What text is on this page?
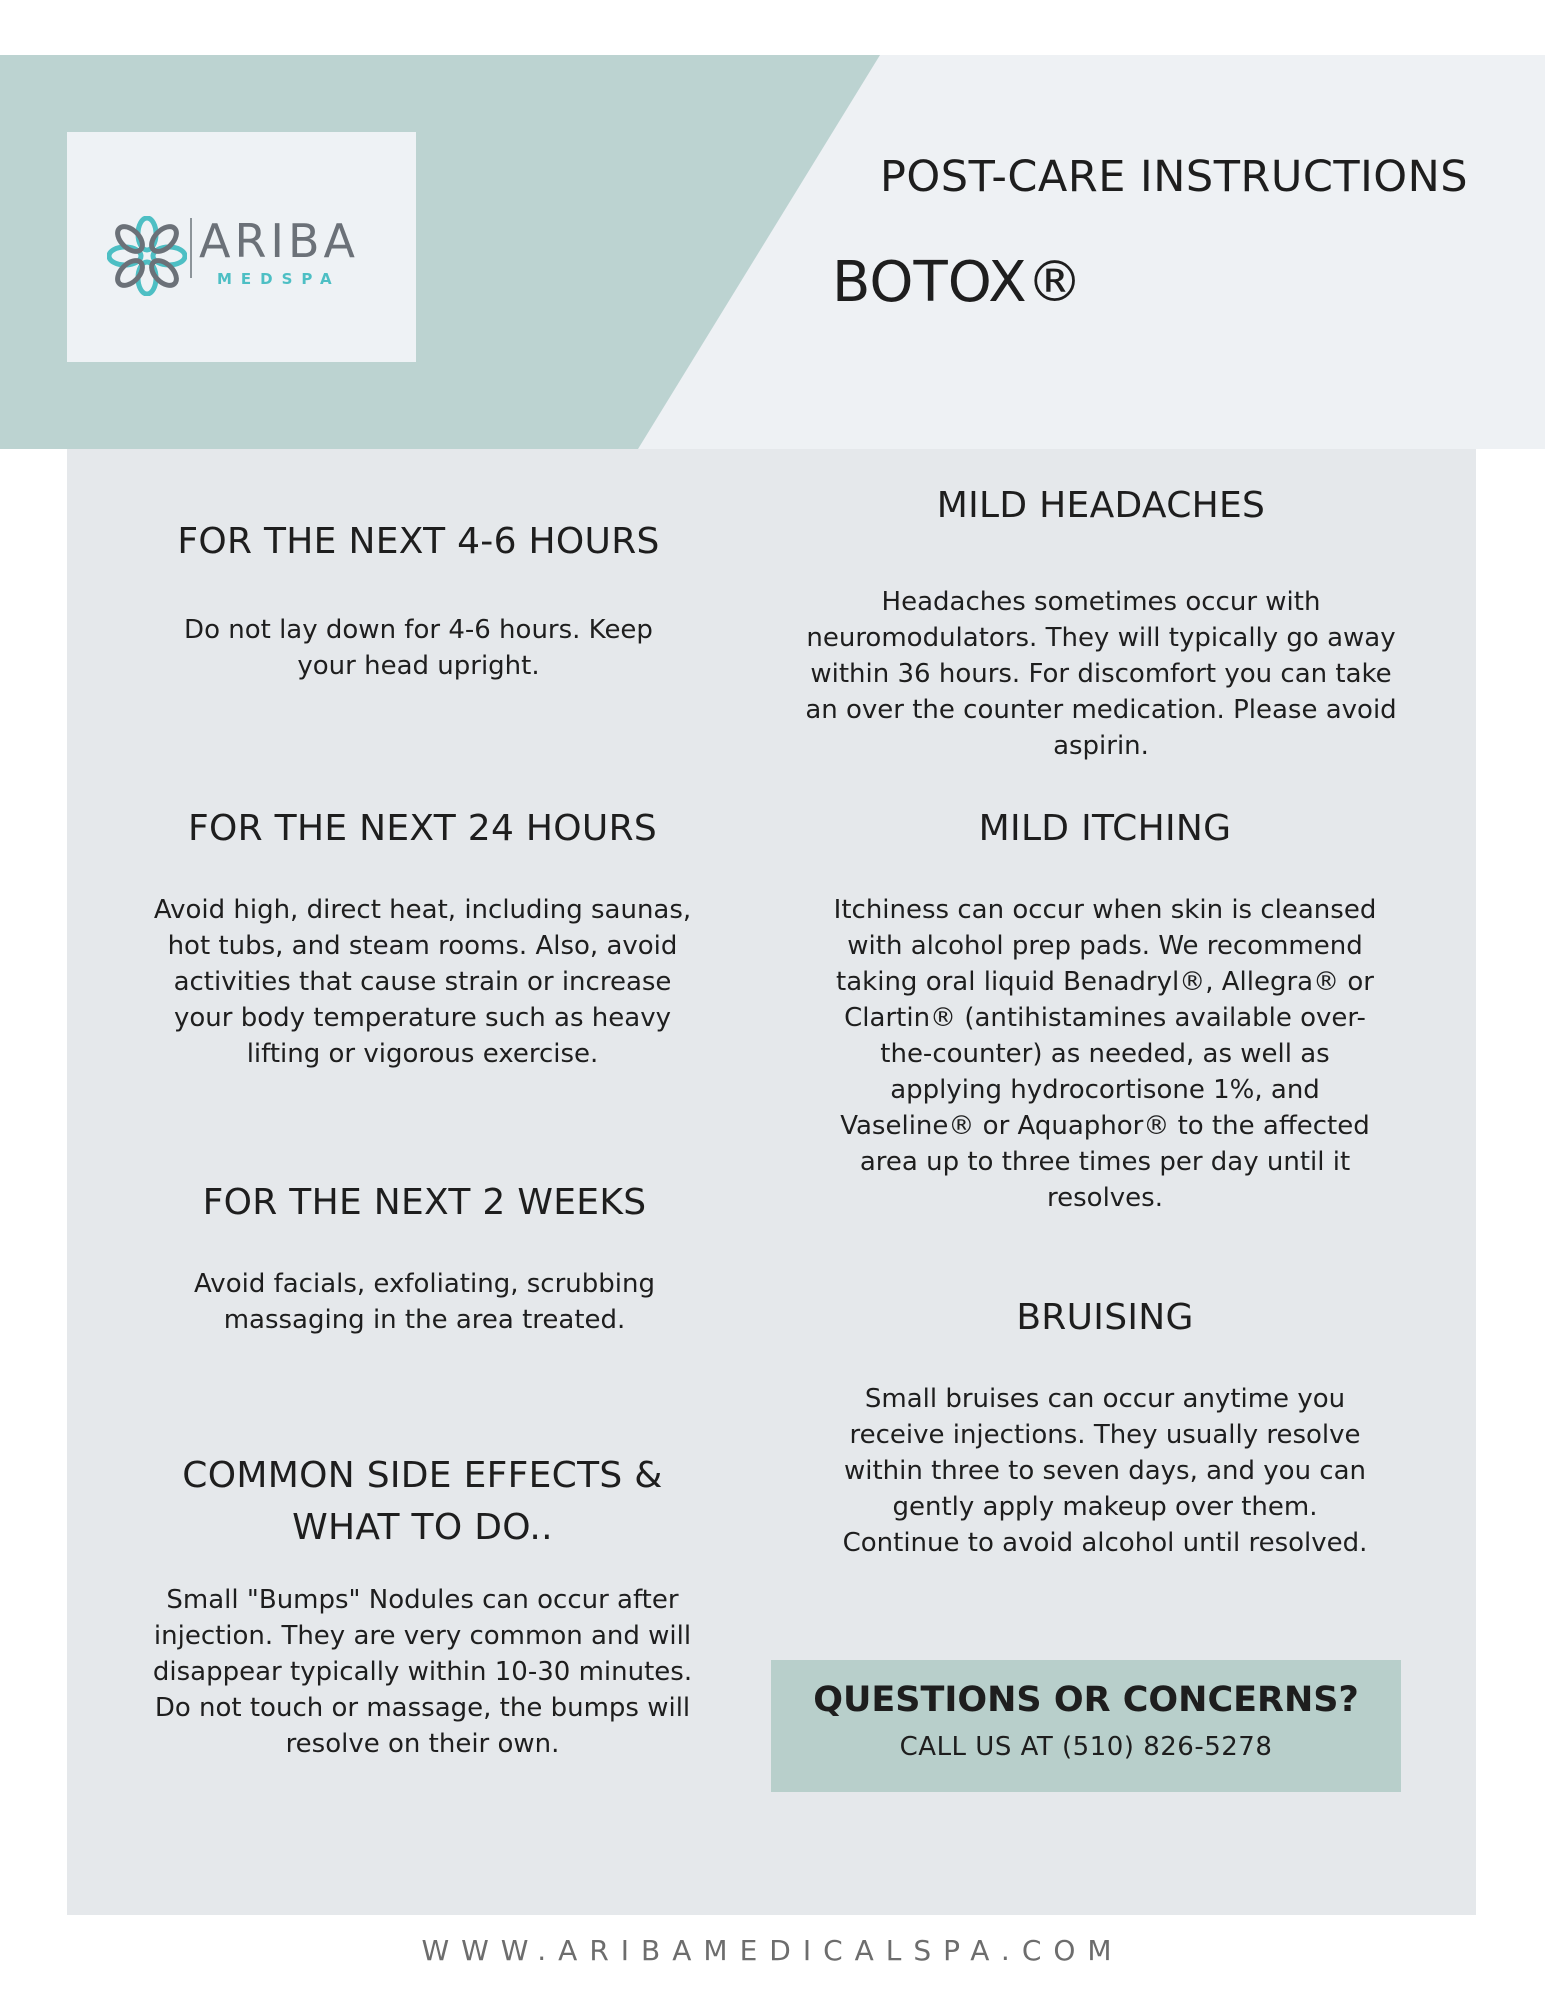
ARIBA
MEDSPA
POST-CARE INSTRUCTIONS
BOTOX®
FOR THE NEXT 4-6 HOURS

Do not lay down for 4-6 hours. Keep
your head upright.

FOR THE NEXT 24 HOURS

Avoid high, direct heat, including saunas,
hot tubs, and steam rooms. Also, avoid
activities that cause strain or increase
your body temperature such as heavy
lifting or vigorous exercise.

FOR THE NEXT 2 WEEKS

Avoid facials, exfoliating, scrubbing
massaging in the area treated.

COMMON SIDE EFFECTS &
WHAT TO DO..

Small "Bumps" Nodules can occur after
injection. They are very common and will
disappear typically within 10-30 minutes.
Do not touch or massage, the bumps will
resolve on their own.

MILD HEADACHES

Headaches sometimes occur with
neuromodulators. They will typically go away
within 36 hours. For discomfort you can take
an over the counter medication. Please avoid
aspirin.

MILD ITCHING

Itchiness can occur when skin is cleansed
with alcohol prep pads. We recommend
taking oral liquid Benadryl®, Allegra® or
Clartin® (antihistamines available over-
the-counter) as needed, as well as
applying hydrocortisone 1%, and
Vaseline® or Aquaphor® to the affected
area up to three times per day until it
resolves.

BRUISING

Small bruises can occur anytime you
receive injections. They usually resolve
within three to seven days, and you can
gently apply makeup over them.
Continue to avoid alcohol until resolved.

QUESTIONS OR CONCERNS?
CALL US AT (510) 826-5278
WWW.ARIBAMEDICALSPA.COM
